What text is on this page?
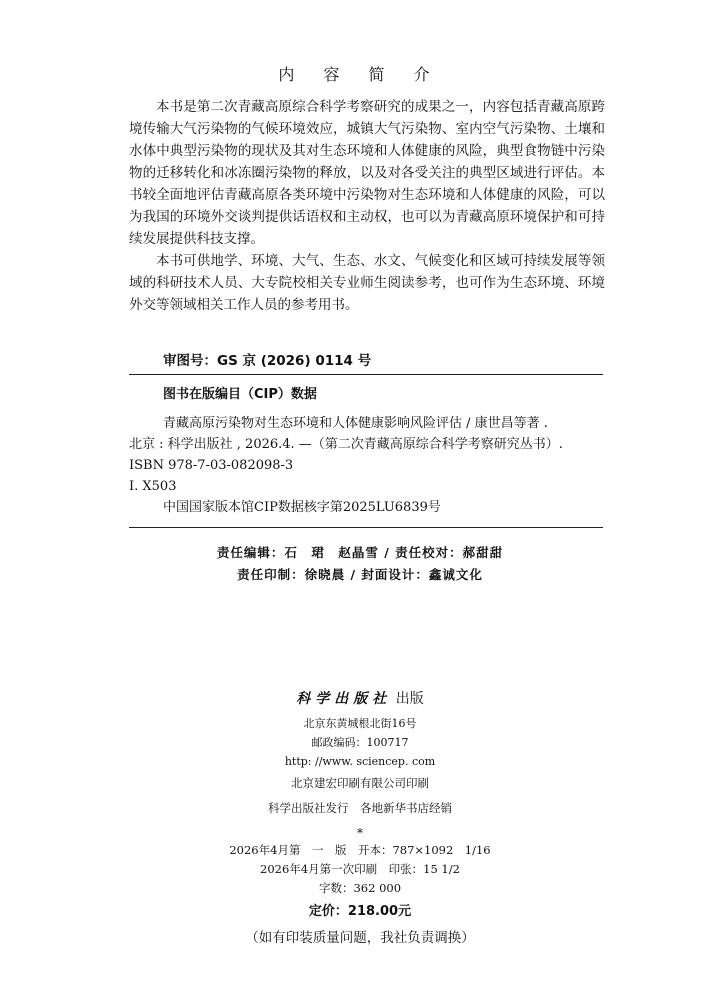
内 容 简 介

本书是第二次青藏高原综合科学考察研究的成果之一，内容包括青藏高原跨境传输大气污染物的气候环境效应，城镇大气污染物、室内空气污染物、土壤和水体中典型污染物的现状及其对生态环境和人体健康的风险，典型食物链中污染物的迁移转化和冰冻圈污染物的释放，以及对各受关注的典型区域进行评估。本书较全面地评估青藏高原各类环境中污染物对生态环境和人体健康的风险，可以为我国的环境外交谈判提供话语权和主动权，也可以为青藏高原环境保护和可持续发展提供科技支撑。

本书可供地学、环境、大气、生态、水文、气候变化和区域可持续发展等领域的科研技术人员、大专院校相关专业师生阅读参考，也可作为生态环境、环境外交等领域相关工作人员的参考用书。

审图号：GS 京 (2026) 0114 号
图书在版编目（CIP）数据
青藏高原污染物对生态环境和人体健康影响风险评估 / 康世昌等著 .
北京 : 科学出版社 , 2026.4. —（第二次青藏高原综合科学考察研究丛书）.
ISBN 978-7-03-082098-3
Ⅰ. X503
中国国家版本馆CIP数据核字第2025LU6839号
责任编辑：石　珺　赵晶雪 / 责任校对：郝甜甜
责任印制：徐晓晨 / 封面设计：鑫诚文化
科学出版社 出版
北京东黄城根北街16号
邮政编码：100717
http: //www. sciencep. com
北京建宏印刷有限公司印刷
科学出版社发行　各地新华书店经销
*
2026年4月第　一　版　开本：787×1092　1/16
2026年4月第一次印刷　印张：15 1/2
字数：362 000
定价：218.00元
（如有印装质量问题，我社负责调换）
